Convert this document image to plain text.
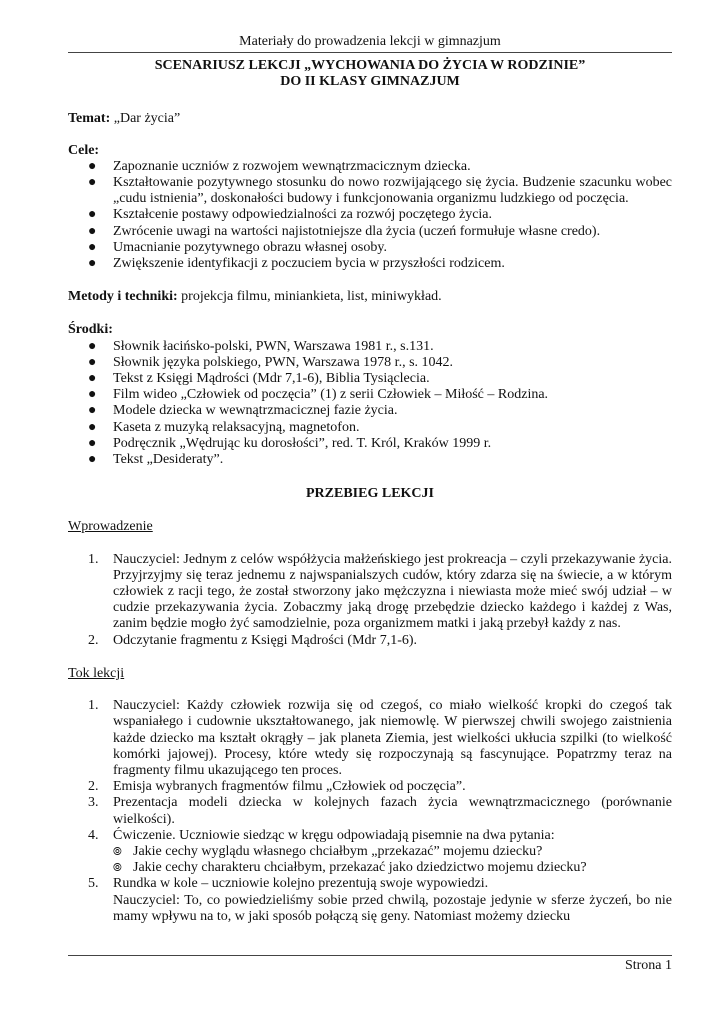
Materiały do prowadzenia lekcji w gimnazjum
SCENARIUSZ LEKCJI „WYCHOWANIA DO ŻYCIA W RODZINIE”
DO II KLASY GIMNAZJUM
Temat: „Dar życia”
Cele:
● Zapoznanie uczniów z rozwojem wewnątrzmacicznym dziecka.
● Kształtowanie pozytywnego stosunku do nowo rozwijającego się życia. Budzenie szacunku wobec „cudu istnienia”, doskonałości budowy i funkcjonowania organizmu ludzkiego od poczęcia.
● Kształcenie postawy odpowiedzialności za rozwój poczętego życia.
● Zwrócenie uwagi na wartości najistotniejsze dla życia (uczeń formułuje własne credo).
● Umacnianie pozytywnego obrazu własnej osoby.
● Zwiększenie identyfikacji z poczuciem bycia w przyszłości rodzicem.
Metody i techniki: projekcja filmu, miniankieta, list, miniwykład.
Środki:
● Słownik łacińsko-polski, PWN, Warszawa 1981 r., s.131.
● Słownik języka polskiego, PWN, Warszawa 1978 r., s. 1042.
● Tekst z Księgi Mądrości (Mdr 7,1-6), Biblia Tysiąclecia.
● Film wideo „Człowiek od poczęcia” (1) z serii Człowiek – Miłość – Rodzina.
● Modele dziecka w wewnątrzmacicznej fazie życia.
● Kaseta z muzyką relaksacyjną, magnetofon.
● Podręcznik „Wędrując ku dorosłości”, red. T. Król, Kraków 1999 r.
● Tekst „Desideraty”.
PRZEBIEG LEKCJI
Wprowadzenie
1. Nauczyciel: Jednym z celów współżycia małżeńskiego jest prokreacja – czyli przekazywanie życia. Przyjrzyjmy się teraz jednemu z najwspanialszych cudów, który zdarza się na świecie, a w którym człowiek z racji tego, że został stworzony jako mężczyzna i niewiasta może mieć swój udział – w cudzie przekazywania życia. Zobaczmy jaką drogę przebędzie dziecko każdego i każdej z Was, zanim będzie mogło żyć samodzielnie, poza organizmem matki i jaką przebył każdy z nas.
2. Odczytanie fragmentu z Księgi Mądrości (Mdr 7,1-6).
Tok lekcji
1. Nauczyciel: Każdy człowiek rozwija się od czegoś, co miało wielkość kropki do czegoś tak wspaniałego i cudownie ukształtowanego, jak niemowlę. W pierwszej chwili swojego zaistnienia każde dziecko ma kształt okrągły – jak planeta Ziemia, jest wielkości ukłucia szpilki (to wielkość komórki jajowej). Procesy, które wtedy się rozpoczynają są fascynujące. Popatrzmy teraz na fragmenty filmu ukazującego ten proces.
2. Emisja wybranych fragmentów filmu „Człowiek od poczęcia”.
3. Prezentacja modeli dziecka w kolejnych fazach życia wewnątrzmacicznego (porównanie wielkości).
4. Ćwiczenie. Uczniowie siedząc w kręgu odpowiadają pisemnie na dwa pytania:
⦾ Jakie cechy wyglądu własnego chciałbym „przekazać” mojemu dziecku?
⦾ Jakie cechy charakteru chciałbym, przekazać jako dziedzictwo mojemu dziecku?
5. Rundka w kole – uczniowie kolejno prezentują swoje wypowiedzi.
Nauczyciel: To, co powiedzieliśmy sobie przed chwilą, pozostaje jedynie w sferze życzeń, bo nie mamy wpływu na to, w jaki sposób połączą się geny. Natomiast możemy dziecku
Strona 1
